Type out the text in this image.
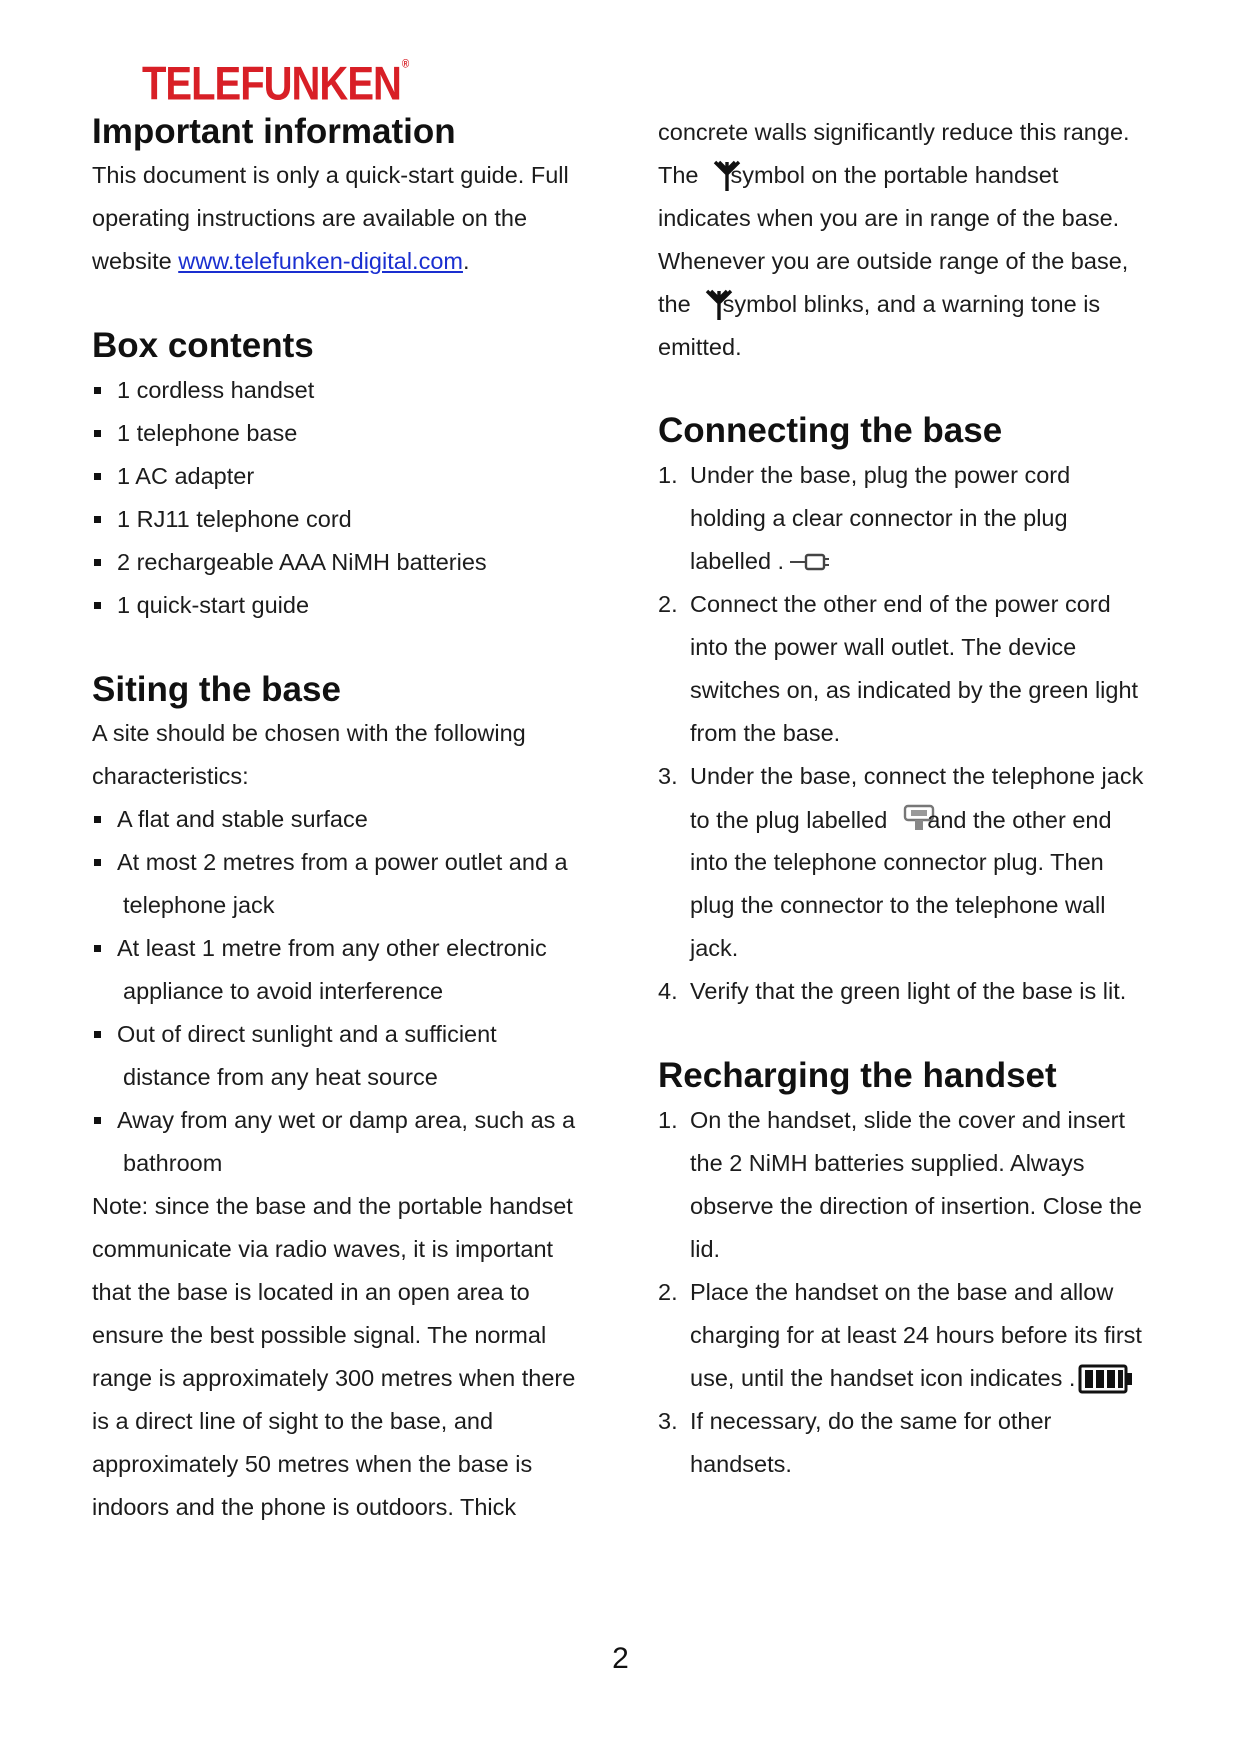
TELEFUNKEN®
Important information

This document is only a quick-start guide. Full

operating instructions are available on the

website www.telefunken-digital.com.

Box contents

1 cordless handset

1 telephone base

1 AC adapter

1 RJ11 telephone cord

2 rechargeable AAA NiMH batteries

1 quick-start guide

Siting the base

A site should be chosen with the following

characteristics:

A flat and stable surface

At most 2 metres from a power outlet and a

telephone jack

At least 1 metre from any other electronic

appliance to avoid interference

Out of direct sunlight and a sufficient

distance from any heat source

Away from any wet or damp area, such as a

bathroom

Note: since the base and the portable handset

communicate via radio waves, it is important

that the base is located in an open area to

ensure the best possible signal. The normal

range is approximately 300 metres when there

is a direct line of sight to the base, and

approximately 50 metres when the base is

indoors and the phone is outdoors. Thick

concrete walls significantly reduce this range.

The symbol on the portable handset

indicates when you are in range of the base.

Whenever you are outside range of the base,

the symbol blinks, and a warning tone is

emitted.

Connecting the base
1. Under the base, plug the power cord

holding a clear connector in the plug

labelled .

2. Connect the other end of the power cord

into the power wall outlet. The device

switches on, as indicated by the green light

from the base.

3. Under the base, connect the telephone jack

to the plug labelled and the other end

into the telephone connector plug. Then

plug the connector to the telephone wall

jack.

4. Verify that the green light of the base is lit.

Recharging the handset
1. On the handset, slide the cover and insert

the 2 NiMH batteries supplied. Always

observe the direction of insertion. Close the

lid.

2. Place the handset on the base and allow

charging for at least 24 hours before its first

use, until the handset icon indicates .

3. If necessary, do the same for other

handsets.

2
